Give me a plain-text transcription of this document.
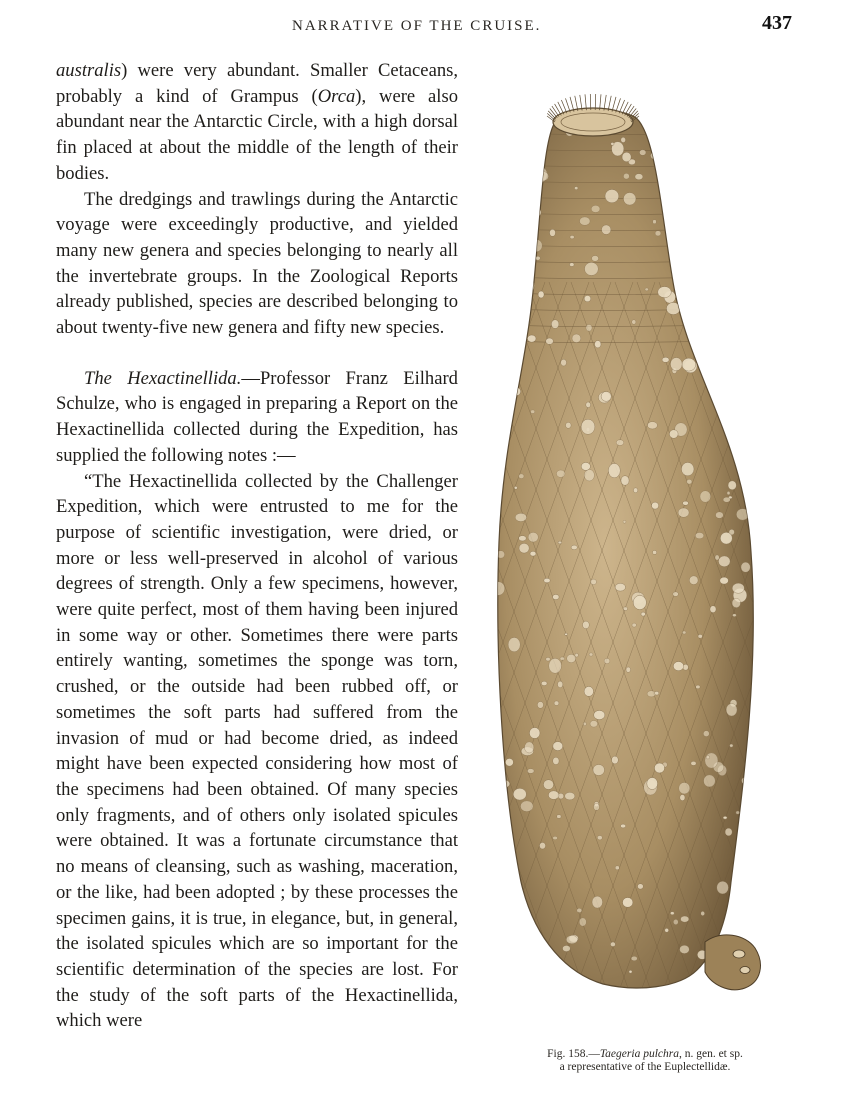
NARRATIVE OF THE CRUISE.	437

australis) were very abundant. Smaller Cetaceans, probably a kind of Grampus (Orca), were also abundant near the Antarctic Circle, with a high dorsal fin placed at about the middle of the length of their bodies.

The dredgings and trawlings during the Antarctic voyage were exceedingly productive, and yielded many new genera and species belonging to nearly all the invertebrate groups. In the Zoological Reports already published, species are described belonging to about twenty-five new genera and fifty new species.

The Hexactinellida.—Professor Franz Eilhard Schulze, who is engaged in preparing a Report on the Hexactinellida collected during the Expedition, has supplied the following notes :—

“The Hexactinellida collected by the Challenger Expedition, which were entrusted to me for the purpose of scientific investigation, were dried, or more or less well-preserved in alcohol of various degrees of strength. Only a few specimens, however, were quite perfect, most of them having been injured in some way or other. Sometimes there were parts entirely wanting, sometimes the sponge was torn, crushed, or the outside had been rubbed off, or sometimes the soft parts had suffered from the invasion of mud or had become dried, as indeed might have been expected considering how most of the specimens had been obtained. Of many species only fragments, and of others only isolated spicules were obtained. It was a fortunate circumstance that no means of cleansing, such as washing, maceration, or the like, had been adopted ; by these processes the specimen gains, it is true, in elegance, but, in general, the isolated spicules which are so important for the scientific determination of the species are lost. For the study of the soft parts of the Hexactinellida, which were

Fig. 158.—Taegeria pulchra, n. gen. et sp.
a representative of the Euplectellidæ.
